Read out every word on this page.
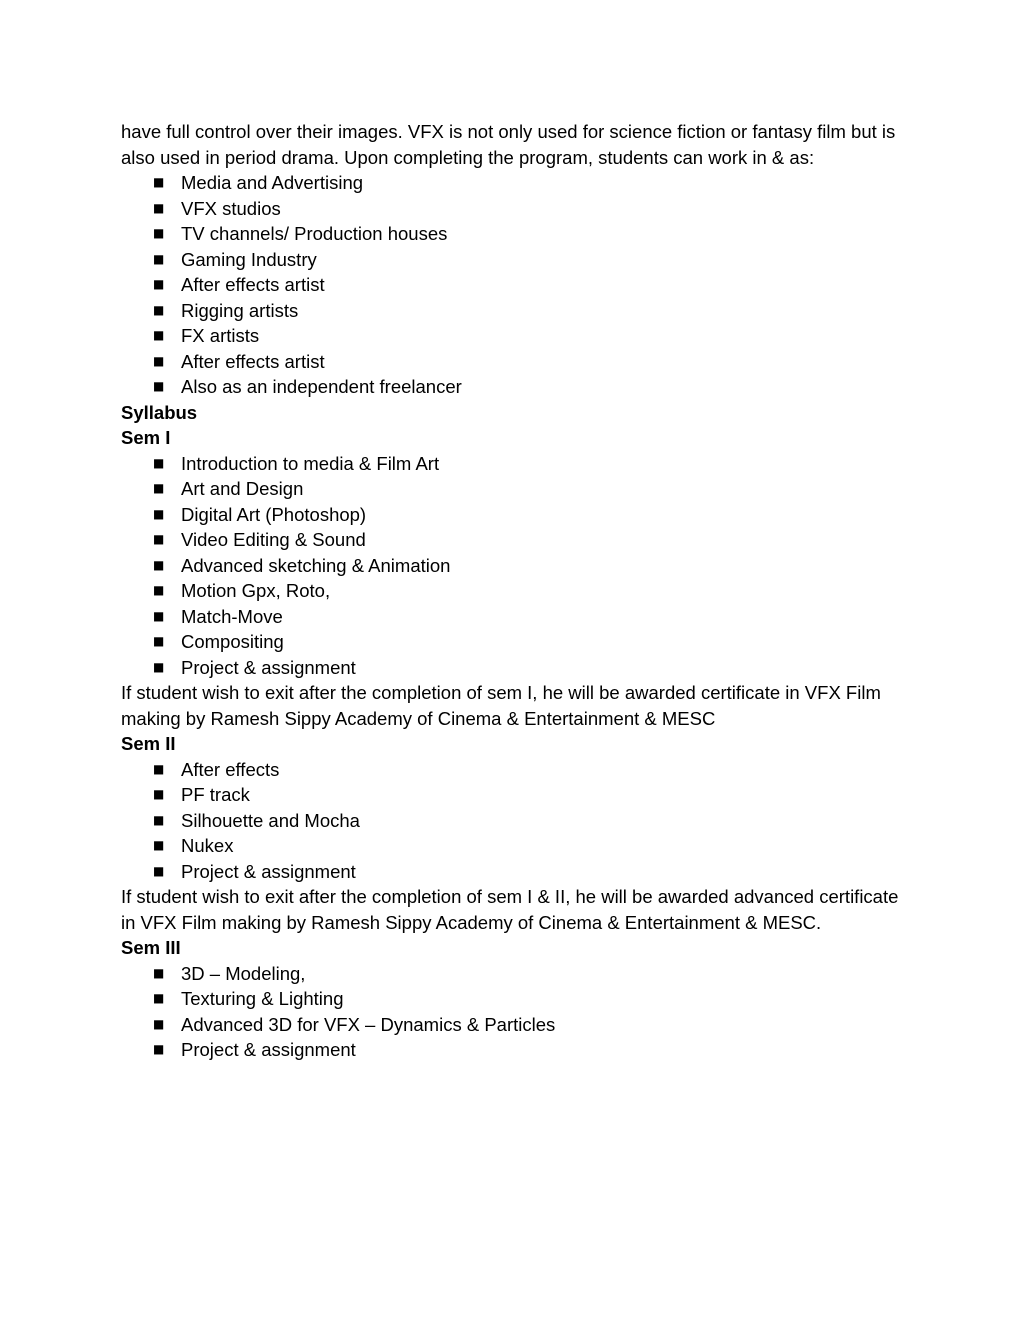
have full control over their images. VFX is not only used for science fiction or fantasy film but is also used in period drama. Upon completing the program, students can work in & as:

■ Media and Advertising
■ VFX studios
■ TV channels/ Production houses
■ Gaming Industry
■ After effects artist
■ Rigging artists
■ FX artists
■ After effects artist
■ Also as an independent freelancer
Syllabus
Sem I
■ Introduction to media & Film Art
■ Art and Design
■ Digital Art (Photoshop)
■ Video Editing & Sound
■ Advanced sketching & Animation
■ Motion Gpx, Roto,
■ Match-Move
■ Compositing
■ Project & assignment

If student wish to exit after the completion of sem I, he will be awarded certificate in VFX Film making by Ramesh Sippy Academy of Cinema & Entertainment & MESC

Sem II
■ After effects
■ PF track
■ Silhouette and Mocha
■ Nukex
■ Project & assignment

If student wish to exit after the completion of sem I & II, he will be awarded advanced certificate in VFX Film making by Ramesh Sippy Academy of Cinema & Entertainment & MESC.

Sem III
■ 3D – Modeling,
■ Texturing & Lighting
■ Advanced 3D for VFX – Dynamics & Particles
■ Project & assignment
